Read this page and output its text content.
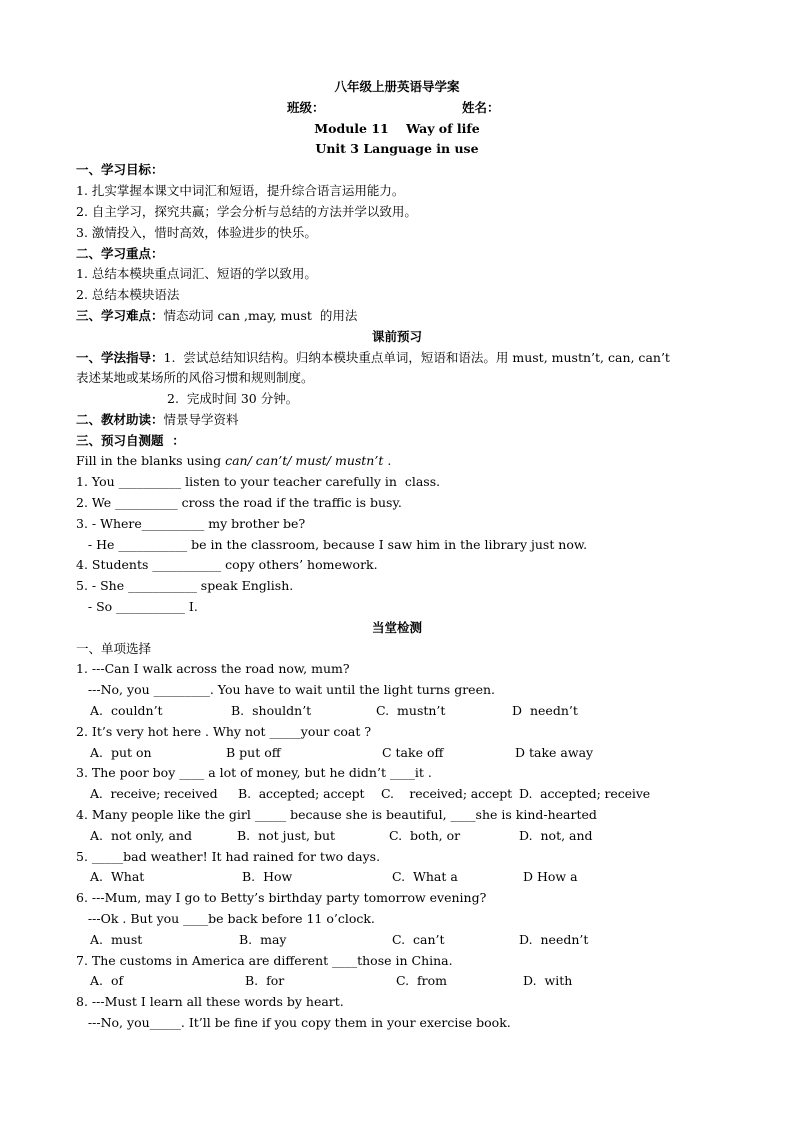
八年级上册英语导学案
班级：	姓名：
Module 11    Way of life
Unit 3 Language in use
一、学习目标：
1. 扎实掌握本课文中词汇和短语，提升综合语言运用能力。
2. 自主学习，探究共赢；学会分析与总结的方法并学以致用。
3. 激情投入，惜时高效，体验进步的快乐。
二、学习重点：
1. 总结本模块重点词汇、短语的学以致用。
2. 总结本模块语法
三、学习难点：情态动词 can ,may, must  的用法
课前预习
一、学法指导：1.  尝试总结知识结构。归纳本模块重点单词，短语和语法。用 must, mustn’t, can, can’t
表述某地或某场所的风俗习惯和规则制度。
2.  完成时间 30 分钟。
二、教材助读：情景导学资料
三、预习自测题  ：
Fill in the blanks using can/ can’t/ must/ mustn’t .
1. You __________ listen to your teacher carefully in  class.
2. We __________ cross the road if the traffic is busy.
3. - Where__________ my brother be?
- He ___________ be in the classroom, because I saw him in the library just now.
4. Students ___________ copy others’ homework.
5. - She ___________ speak English.
- So ___________ I.
当堂检测
一、单项选择
1. ---Can I walk across the road now, mum?
---No, you _________. You have to wait until the light turns green.
A.  couldn’t	B.  shouldn’t	C.  mustn’t	D  needn’t
2. It’s very hot here . Why not _____your coat ?
A.  put on	B put off	C take off	D take away
3. The poor boy ____ a lot of money, but he didn’t ____it .
A.  receive; received B.  accepted; accept C.    received; accept D.  accepted; receive
4. Many people like the girl _____ because she is beautiful, ____she is kind-hearted
A.  not only, and	B.  not just, but	C.  both, or	D.  not, and
5. _____bad weather! It had rained for two days.
A.  What	B.  How	C.  What a	D How a
6. ---Mum, may I go to Betty’s birthday party tomorrow evening?
---Ok . But you ____be back before 11 o’clock.
A.  must	B.  may	C.  can’t	D.  needn’t
7. The customs in America are different ____those in China.
A.  of	B.  for	C.  from	D.  with
8. ---Must I learn all these words by heart.
---No, you_____. It’ll be fine if you copy them in your exercise book.
